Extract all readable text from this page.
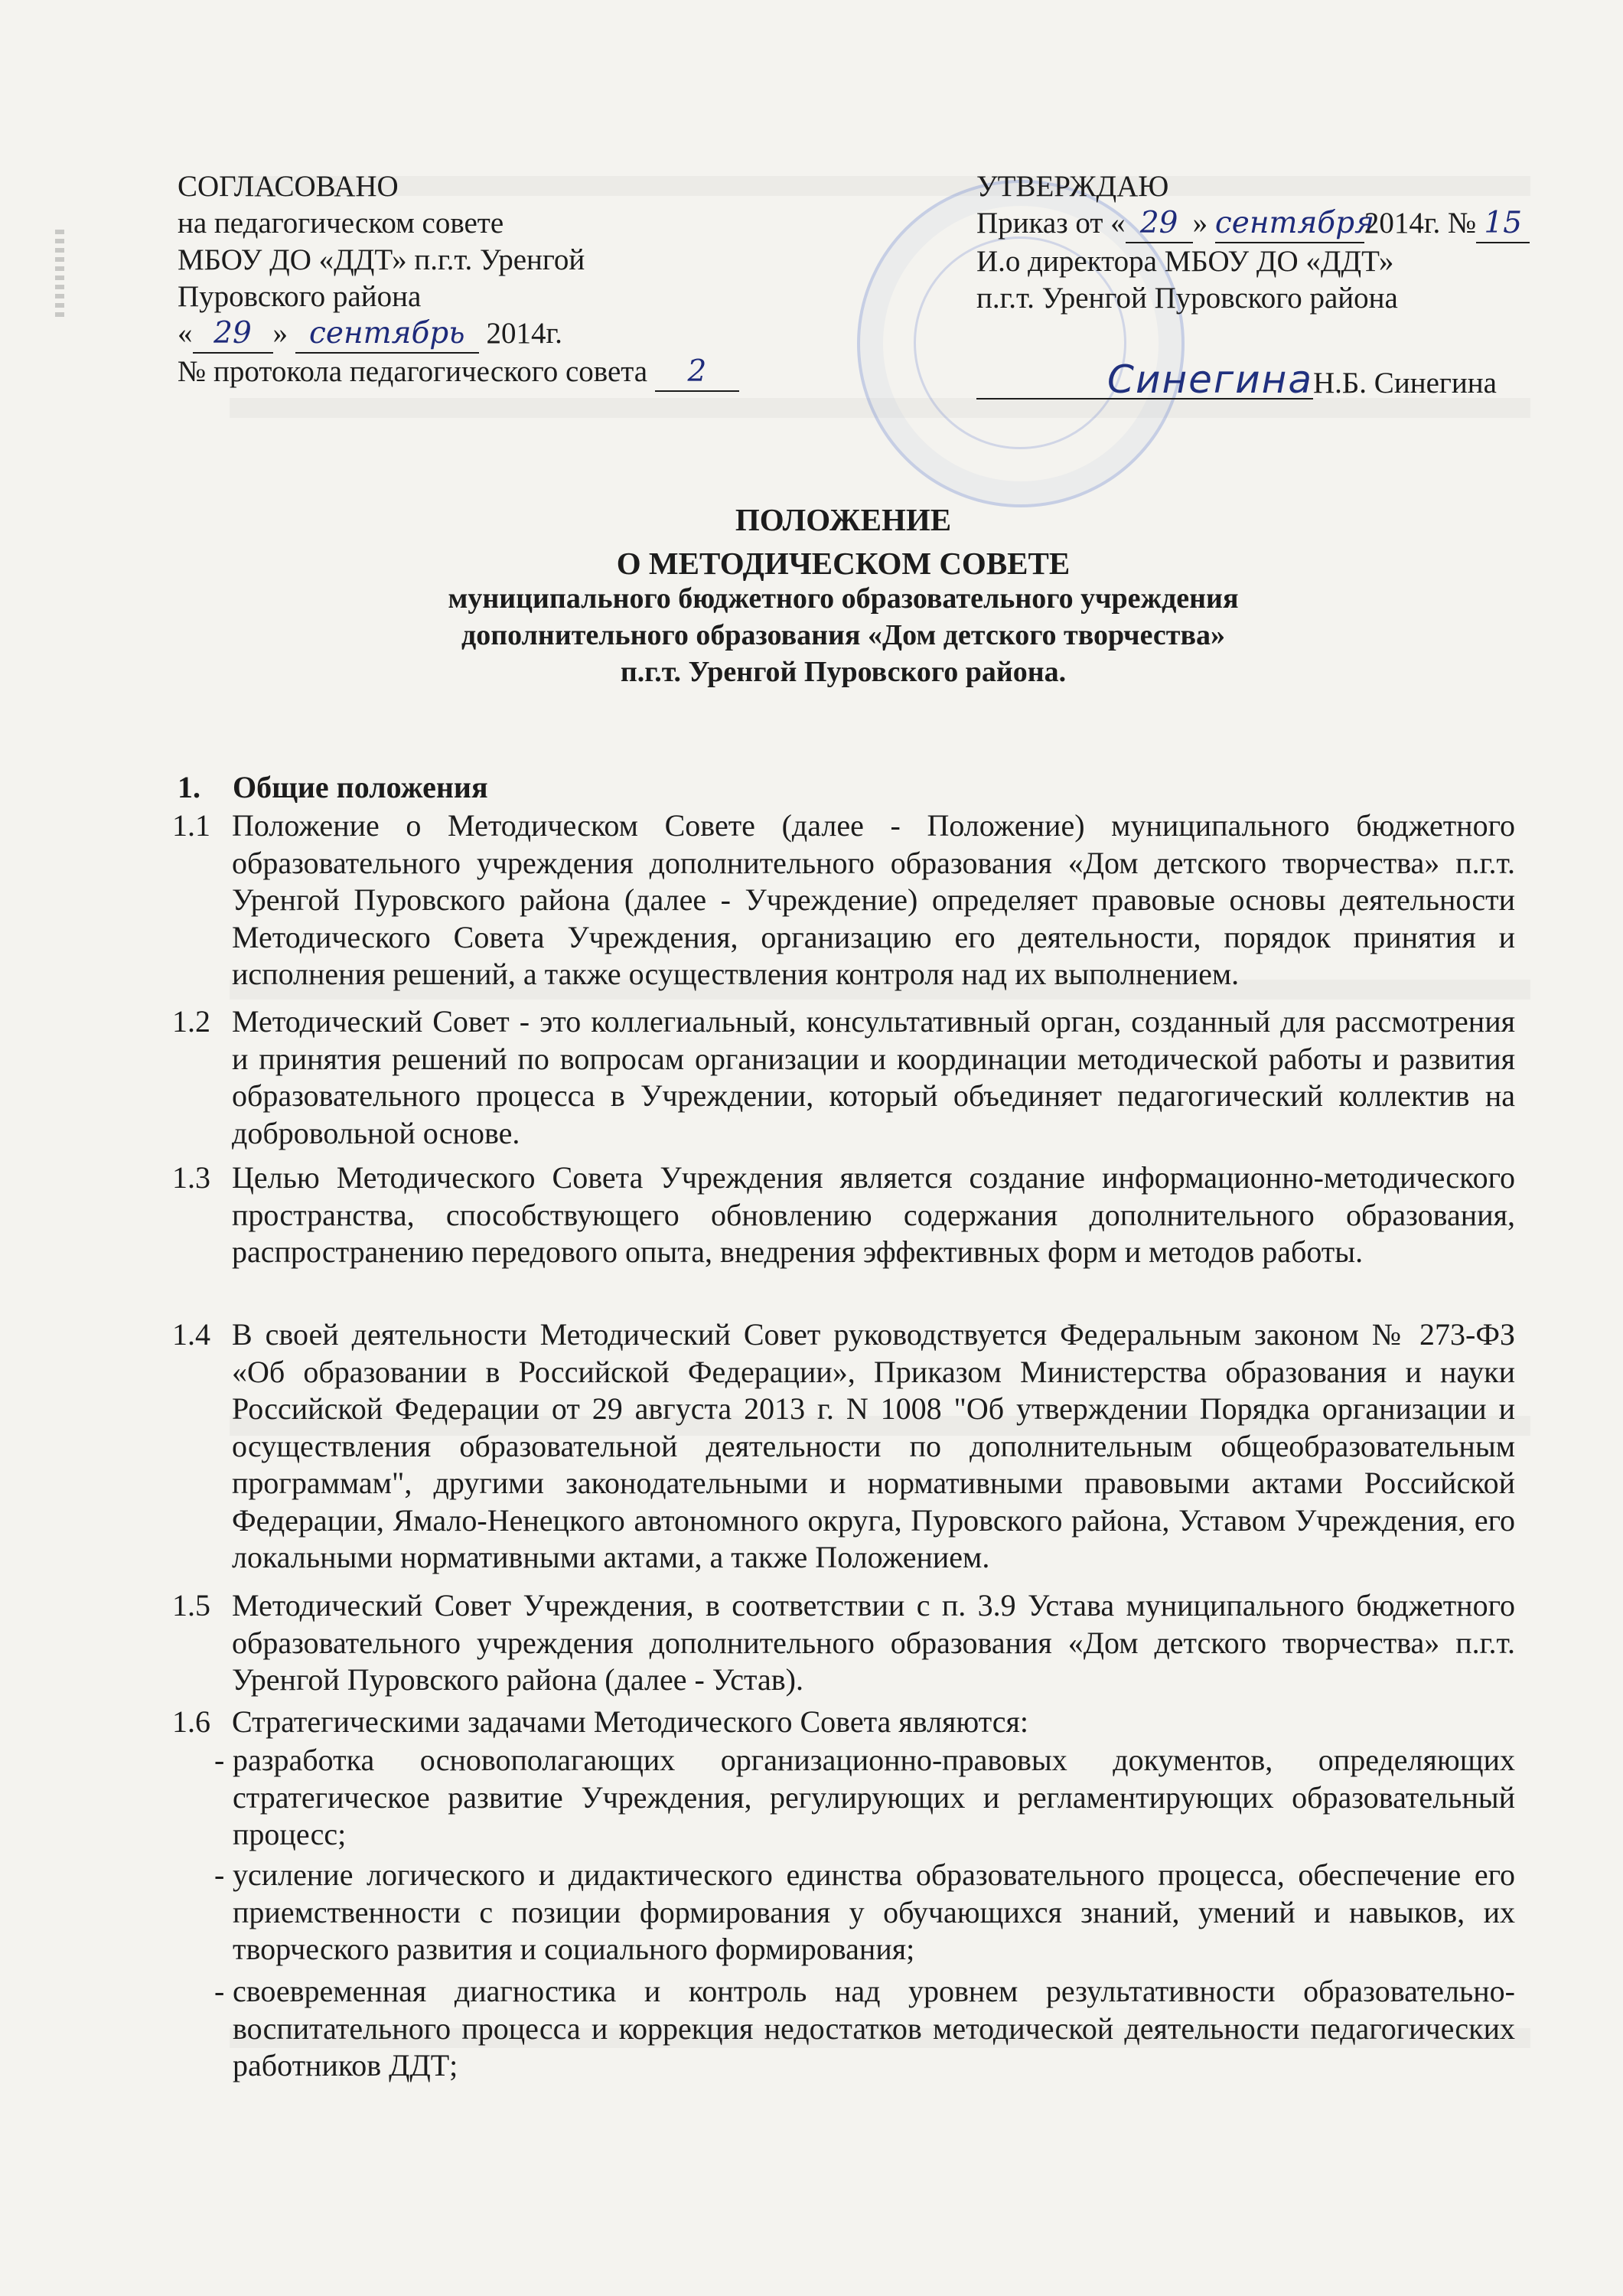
СОГЛАСОВАНО
на педагогическом совете
МБОУ ДО «ДДТ» п.г.т. Уренгой
Пуровского района
« 29 » сентябрь 2014г.
№ протокола педагогического совета 2
УТВЕРЖДАЮ
Приказ от « 29 » сентября2014г. № 15
И.о директора МБОУ ДО «ДДТ»
п.г.т. Уренгой Пуровского района
СинегинаН.Б. Синегина
ПОЛОЖЕНИЕ
О МЕТОДИЧЕСКОМ СОВЕТЕ
муниципального бюджетного образовательного учреждения
дополнительного образования «Дом детского творчества»
п.г.т. Уренгой Пуровского района.
1. Общие положения
1.1 Положение о Методическом Совете (далее - Положение) муниципального бюджетного образовательного учреждения дополнительного образования «Дом детского творчества» п.г.т. Уренгой Пуровского района (далее - Учреждение) определяет правовые основы деятельности Методического Совета Учреждения, организацию его деятельности, порядок принятия и исполнения решений, а также осуществления контроля над их выполнением.
1.2 Методический Совет - это коллегиальный, консультативный орган, созданный для рассмотрения и принятия решений по вопросам организации и координации методической работы и развития образовательного процесса в Учреждении, который объединяет педагогический коллектив на добровольной основе.
1.3 Целью Методического Совета Учреждения является создание информационно-методического пространства, способствующего обновлению содержания дополнительного образования, распространению передового опыта, внедрения эффективных форм и методов работы.
1.4 В своей деятельности Методический Совет руководствуется Федеральным законом № 273-ФЗ «Об образовании в Российской Федерации», Приказом Министерства образования и науки Российской Федерации от 29 августа 2013 г. N 1008 "Об утверждении Порядка организации и осуществления образовательной деятельности по дополнительным общеобразовательным программам", другими законодательными и нормативными правовыми актами Российской Федерации, Ямало-Ненецкого автономного округа, Пуровского района, Уставом Учреждения, его локальными нормативными актами, а также Положением.
1.5 Методический Совет Учреждения, в соответствии с п. 3.9 Устава муниципального бюджетного образовательного учреждения дополнительного образования «Дом детского творчества» п.г.т. Уренгой Пуровского района (далее - Устав).
1.6 Стратегическими задачами Методического Совета являются:
- разработка основополагающих организационно-правовых документов, определяющих стратегическое развитие Учреждения, регулирующих и регламентирующих образовательный процесс;
- усиление логического и дидактического единства образовательного процесса, обеспечение его приемственности с позиции формирования у обучающихся знаний, умений и навыков, их творческого развития и социального формирования;
- своевременная диагностика и контроль над уровнем результативности образовательно-воспитательного процесса и коррекция недостатков методической деятельности педагогических работников ДДТ;
